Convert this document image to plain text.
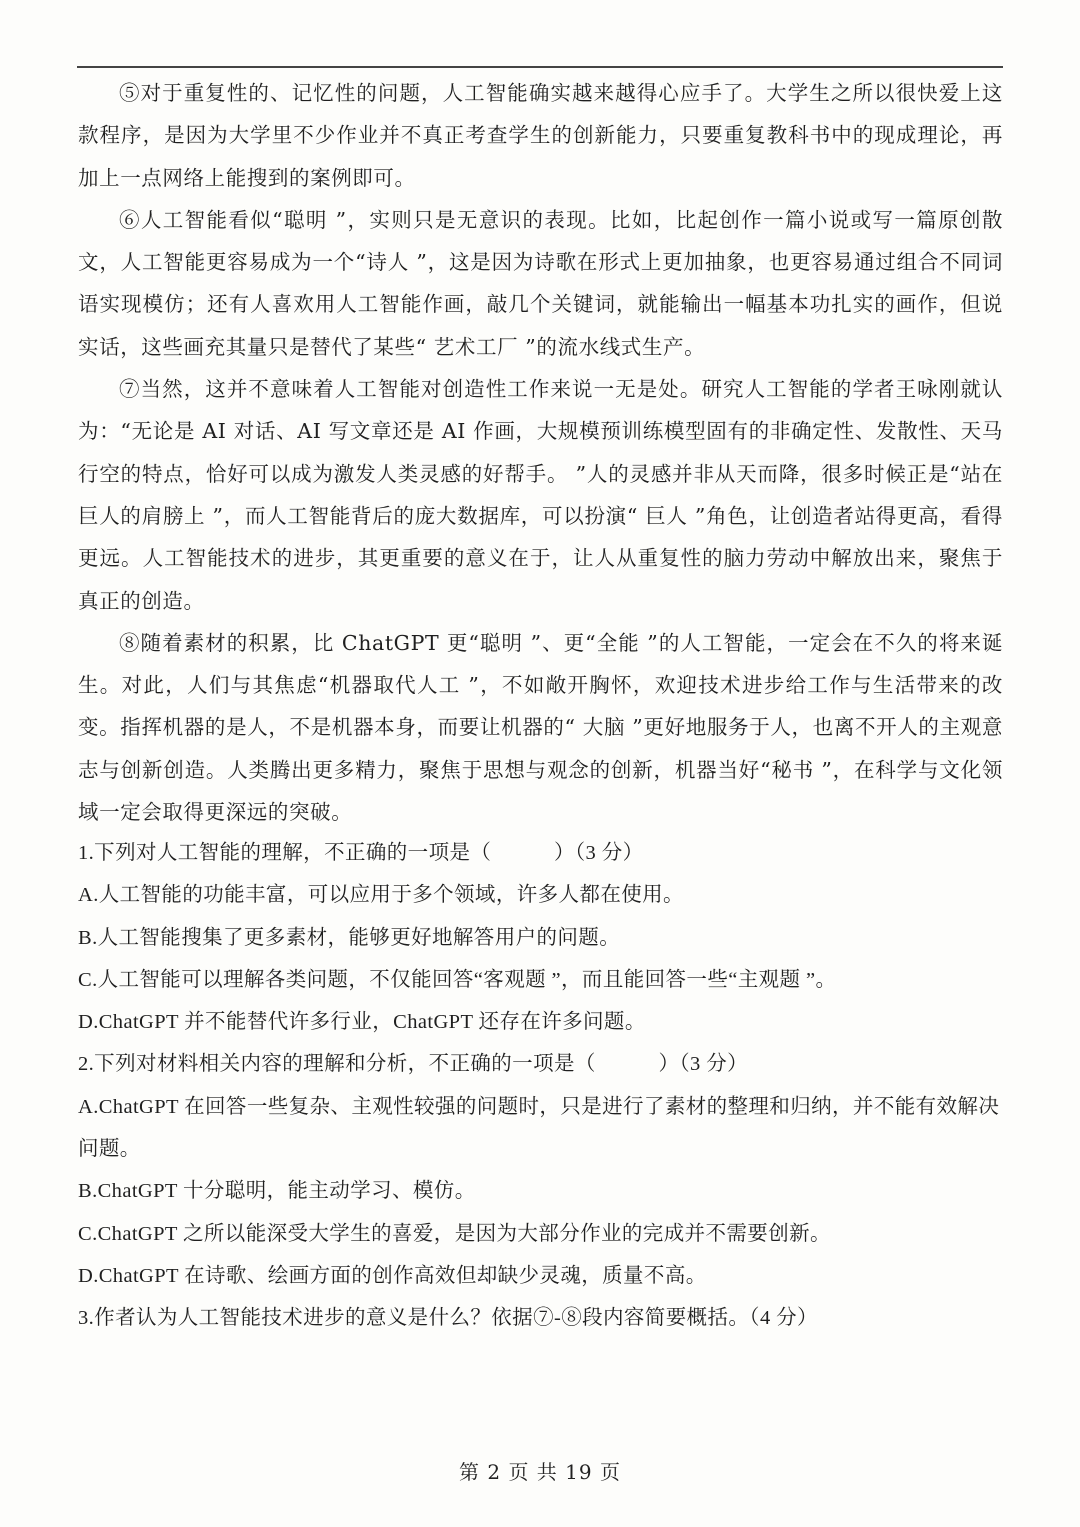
⑤对于重复性的、记忆性的问题，人工智能确实越来越得心应手了。大学生之所以很快爱上这款程序，是因为大学里不少作业并不真正考查学生的创新能力，只要重复教科书中的现成理论，再加上一点网络上能搜到的案例即可。

⑥人工智能看似“聪明 ”，实则只是无意识的表现。比如，比起创作一篇小说或写一篇原创散文，人工智能更容易成为一个“诗人 ”，这是因为诗歌在形式上更加抽象，也更容易通过组合不同词语实现模仿；还有人喜欢用人工智能作画，敲几个关键词，就能输出一幅基本功扎实的画作，但说实话，这些画充其量只是替代了某些“ 艺术工厂 ”的流水线式生产。

⑦当然，这并不意味着人工智能对创造性工作来说一无是处。研究人工智能的学者王咏刚就认为：“无论是 AI 对话、AI 写文章还是 AI 作画，大规模预训练模型固有的非确定性、发散性、天马行空的特点，恰好可以成为激发人类灵感的好帮手。 ”人的灵感并非从天而降，很多时候正是“站在巨人的肩膀上 ”，而人工智能背后的庞大数据库，可以扮演“ 巨人 ”角色，让创造者站得更高，看得更远。人工智能技术的进步，其更重要的意义在于，让人从重复性的脑力劳动中解放出来，聚焦于真正的创造。

⑧随着素材的积累，比 ChatGPT 更“聪明 ”、更“全能 ”的人工智能，一定会在不久的将来诞生。对此，人们与其焦虑“机器取代人工 ”，不如敞开胸怀，欢迎技术进步给工作与生活带来的改变。指挥机器的是人，不是机器本身，而要让机器的“ 大脑 ”更好地服务于人，也离不开人的主观意志与创新创造。人类腾出更多精力，聚焦于思想与观念的创新，机器当好“秘书 ”，在科学与文化领域一定会取得更深远的突破。

1.下列对人工智能的理解，不正确的一项是（　　　）（3 分）

A.人工智能的功能丰富，可以应用于多个领域，许多人都在使用。

B.人工智能搜集了更多素材，能够更好地解答用户的问题。

C.人工智能可以理解各类问题，不仅能回答“客观题 ”，而且能回答一些“主观题 ”。

D.ChatGPT 并不能替代许多行业，ChatGPT 还存在许多问题。

2.下列对材料相关内容的理解和分析，不正确的一项是（　　　）（3 分）

A.ChatGPT 在回答一些复杂、主观性较强的问题时，只是进行了素材的整理和归纳，并不能有效解决问题。

B.ChatGPT 十分聪明，能主动学习、模仿。

C.ChatGPT 之所以能深受大学生的喜爱，是因为大部分作业的完成并不需要创新。

D.ChatGPT 在诗歌、绘画方面的创作高效但却缺少灵魂，质量不高。

3.作者认为人工智能技术进步的意义是什么？依据⑦-⑧段内容简要概括。（4 分）

第 2 页 共 19 页
